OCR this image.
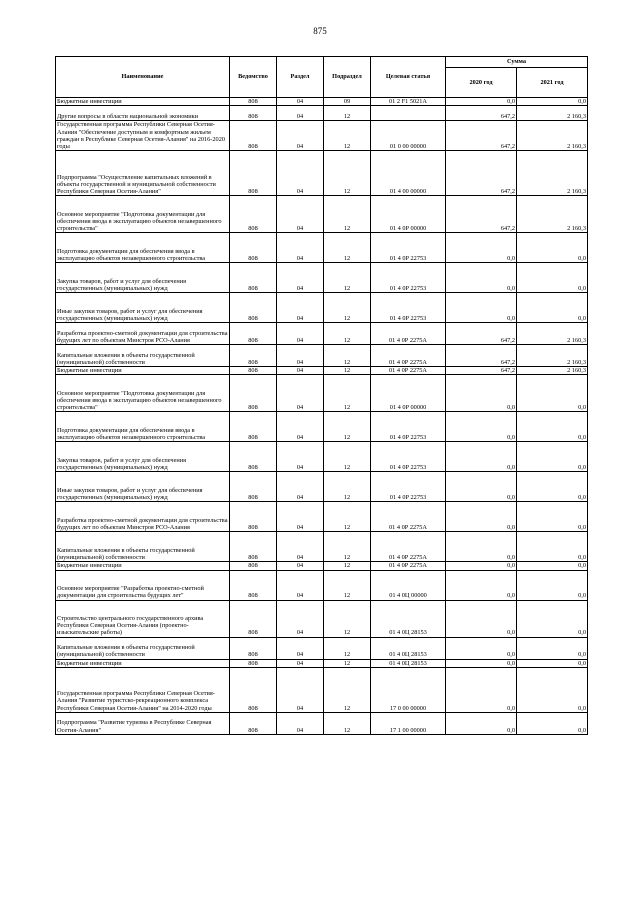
875
Наименование	Ведомство	Раздел	Подраздел	Целевая статья	Сумма	
					2020 год	2021 год
Бюджетные инвестиции	808	04	09	01 2 F1 5021A	0,0	0,0
Другие вопросы в области национальной экономики	808	04	12		647,2	2 160,3
Государственная программа Республики Северная Осетия-Алания "Обеспечение доступным и комфортным жильем граждан в Республике Северная Осетия-Алания" на 2016-2020 годы	808	04	12	01 0 00 00000	647,2	2 160,3
Подпрограмма "Осуществление капитальных вложений в объекты государственной и муниципальной собственности Республики Северная Осетия-Алания"	808	04	12	01 4 00 00000	647,2	2 160,3
Основное мероприятие "Подготовка документации для обеспечения ввода в эксплуатацию объектов незавершенного строительства"	808	04	12	01 4 0Р 00000	647,2	2 160,3
Подготовка документации для обеспечения ввода в эксплуатацию объектов незавершенного строительства	808	04	12	01 4 0Р 22753	0,0	0,0
Закупка товаров, работ и услуг для обеспечения государственных (муниципальных) нужд	808	04	12	01 4 0Р 22753	0,0	0,0
Иные закупки товаров, работ и услуг для обеспечения государственных (муниципальных) нужд	808	04	12	01 4 0Р 22753	0,0	0,0
Разработка проектно-сметной документации для строительства будущих лет по объектам Минстроя РСО-Алания	808	04	12	01 4 0Р 2275А	647,2	2 160,3
Капитальные вложения в объекты государственной (муниципальной) собственности	808	04	12	01 4 0Р 2275А	647,2	2 160,3
Бюджетные инвестиции	808	04	12	01 4 0Р 2275А	647,2	2 160,3
Основное мероприятие "Подготовка документации для обеспечения ввода в эксплуатацию объектов незавершенного строительства"	808	04	12	01 4 0Р 00000	0,0	0,0
Подготовка документации для обеспечения ввода в эксплуатацию объектов незавершенного строительства	808	04	12	01 4 0Р 22753	0,0	0,0
Закупка товаров, работ и услуг для обеспечения государственных (муниципальных) нужд	808	04	12	01 4 0Р 22753	0,0	0,0
Иные закупки товаров, работ и услуг для обеспечения государственных (муниципальных) нужд	808	04	12	01 4 0Р 22753	0,0	0,0
Разработка проектно-сметной документации для строительства будущих лет по объектам Минстроя РСО-Алания	808	04	12	01 4 0Р 2275А	0,0	0,0
Капитальные вложения в объекты государственной (муниципальной) собственности	808	04	12	01 4 0Р 2275А	0,0	0,0
Бюджетные инвестиции	808	04	12	01 4 0Р 2275А	0,0	0,0
Основное мероприятие "Разработка проектно-сметной документации для строительства будущих лет"	808	04	12	01 4 0Ц 00000	0,0	0,0
Строительство центрального государственного архива Республики Северная Осетия-Алания (проектно-изыскательские работы)	808	04	12	01 4 0Ц 28153	0,0	0,0
Капитальные вложения в объекты государственной (муниципальной) собственности	808	04	12	01 4 0Ц 28153	0,0	0,0
Бюджетные инвестиции	808	04	12	01 4 0Ц 28153	0,0	0,0
Государственная программа Республики Северная Осетия-Алания "Развитие туристско-рекреационного комплекса Республики Северная Осетия-Алания" на 2014-2020 годы	808	04	12	17 0 00 00000	0,0	0,0
Подпрограмма "Развитие туризма в Республике Северная Осетия-Алания"	808	04	12	17 1 00 00000	0,0	0,0
